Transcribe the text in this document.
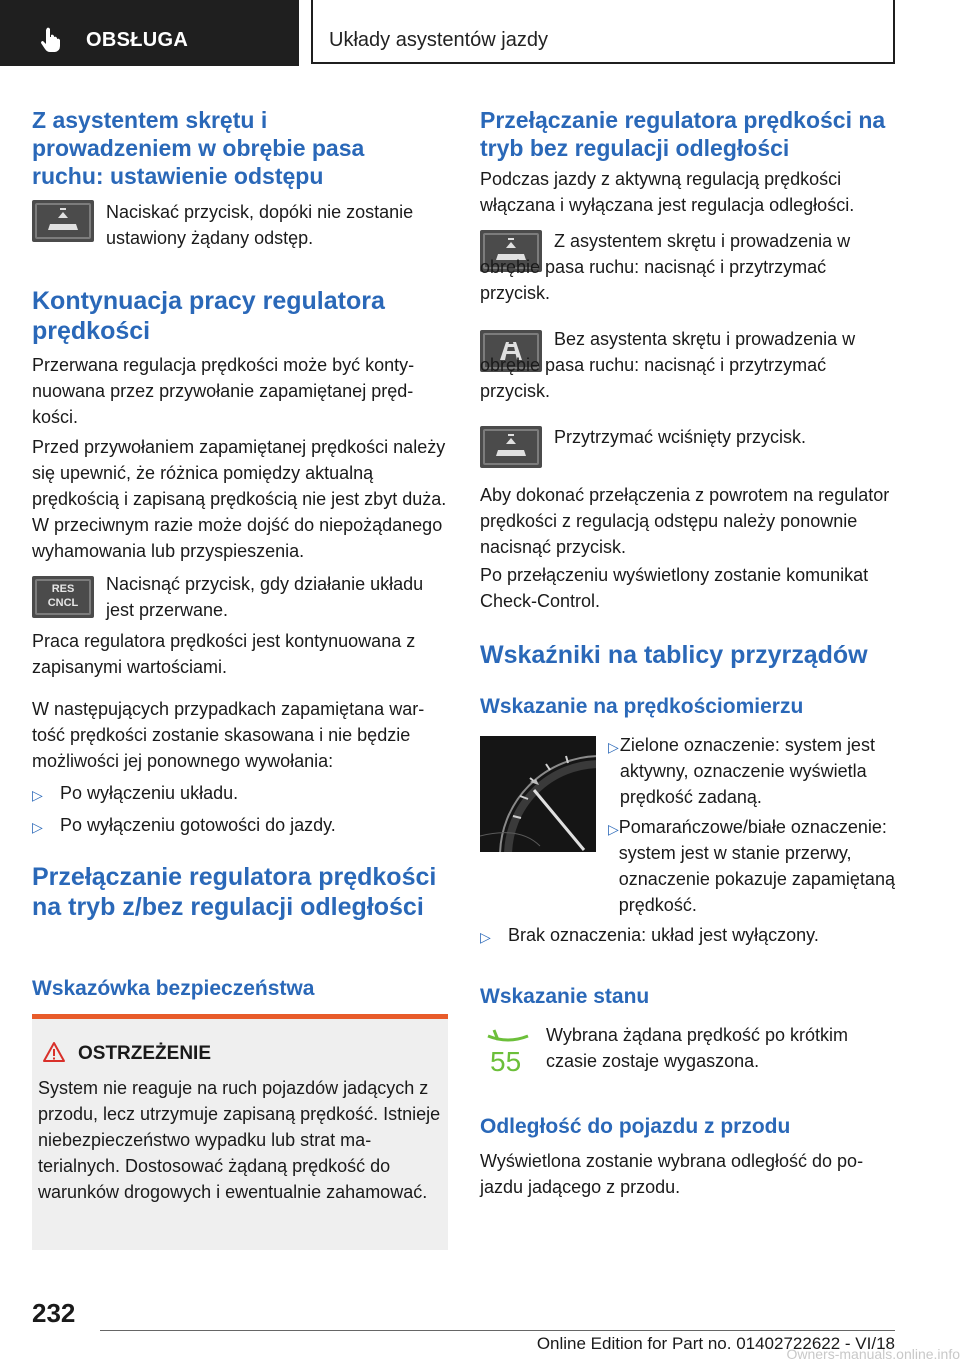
OBSŁUGA	Układy asystentów jazdy
Z asystentem skrętu i prowadzeniem w obrębie pasa ruchu: ustawienie odstępu
Naciskać przycisk, dopóki nie zostanie ustawiony żądany odstęp.
Kontynuacja pracy regulatora prędkości
Przerwana regulacja prędkości może być kontynuowana przez przywołanie zapamiętanej prędkości.
Przed przywołaniem zapamiętanej prędkości należy się upewnić, że różnica pomiędzy aktualną prędkością i zapisaną prędkością nie jest zbyt duża. W przeciwnym razie może dojść do niepożądanego wyhamowania lub przyspieszenia.
RES
CNCL
Nacisnąć przycisk, gdy działanie układu jest przerwane.
Praca regulatora prędkości jest kontynuowana z zapisanymi wartościami.
W następujących przypadkach zapamiętana wartość prędkości zostanie skasowana i nie będzie możliwości jej ponownego wywołania:
▷ Po wyłączeniu układu.
▷ Po wyłączeniu gotowości do jazdy.
Przełączanie regulatora prędkości na tryb z/bez regulacji odległości
Wskazówka bezpieczeństwa
OSTRZEŻENIE
System nie reaguje na ruch pojazdów jadących z przodu, lecz utrzymuje zapisaną prędkość. Istnieje niebezpieczeństwo wypadku lub strat materialnych. Dostosować żądaną prędkość do warunków drogowych i ewentualnie zahamować.
Przełączanie regulatora prędkości na tryb bez regulacji odległości
Podczas jazdy z aktywną regulacją prędkości włączana i wyłączana jest regulacja odległości.
Z asystentem skrętu i prowadzenia w obrębie pasa ruchu: nacisnąć i przytrzymać przycisk.
Bez asystenta skrętu i prowadzenia w obrębie pasa ruchu: nacisnąć i przytrzymać przycisk.
Przytrzymać wciśnięty przycisk.
Aby dokonać przełączenia z powrotem na regulator prędkości z regulacją odstępu należy ponownie nacisnąć przycisk.
Po przełączeniu wyświetlony zostanie komunikat Check-Control.
Wskaźniki na tablicy przyrządów
Wskazanie na prędkościomierzu
▷ Zielone oznaczenie: system jest aktywny, oznaczenie wyświetla prędkość zadaną.
▷ Pomarańczowe/białe oznaczenie: system jest w stanie przerwy, oznaczenie pokazuje zapamiętaną prędkość.
▷ Brak oznaczenia: układ jest wyłączony.
Wskazanie stanu
55
Wybrana żądana prędkość po krótkim czasie zostaje wygaszona.
Odległość do pojazdu z przodu
Wyświetlona zostanie wybrana odległość do pojazdu jadącego z przodu.
232
Online Edition for Part no. 01402722622 - VI/18
Owners-manuals.online.info
